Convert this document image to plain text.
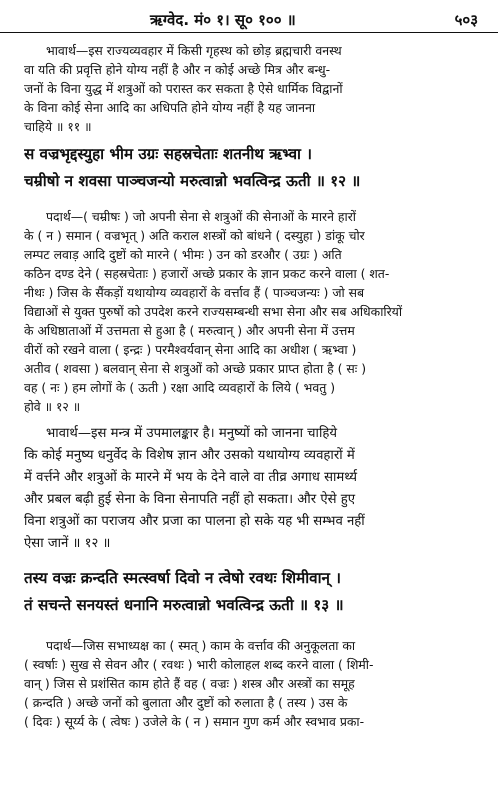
ऋग्वेद. मं० १। सू० १०० ॥	५०३
भावार्थ—इस राज्यव्यवहार में किसी गृहस्थ को छोड़ ब्रह्मचारी वनस्थ
वा यति की प्रवृत्ति होने योग्य नहीं है और न कोई अच्छे मित्र और बन्धु-
जनों के विना युद्ध में शत्रुओं को परास्त कर सकता है ऐसे धार्मिक विद्वानों
के विना कोई सेना आदि का अधिपति होने योग्य नहीं है यह जानना
चाहिये ॥ ११ ॥
स वज्रभृद्दस्युहा भीम उग्रः सहस्रचेताः शतनीथ ऋभ्वा ।
चम्रीषो न शवसा पाञ्चजन्यो मरुत्वान्नो भवत्विन्द्र ऊती ॥ १२ ॥
पदार्थ—( चम्रीषः ) जो अपनी सेना से शत्रुओं की सेनाओं के मारने हारों
के ( न ) समान ( वज्रभृत् ) अति कराल शस्त्रों को बांधने ( दस्युहा ) डांकू चोर
लम्पट लवाड़ आदि दुष्टों को मारने ( भीमः ) उन को डरऔर ( उग्रः ) अति
कठिन दण्ड देने ( सहस्रचेताः ) हजारों अच्छे प्रकार के ज्ञान प्रकट करने वाला ( शत-
नीथः ) जिस के सैंकड़ों यथायोग्य व्यवहारों के वर्त्ताव हैं ( पाञ्चजन्यः ) जो सब
विद्याओं से युक्त पुरुषों को उपदेश करने राज्यसम्बन्धी सभा सेना और सब अधिकारियों
के अधिष्ठाताओं में उत्तमता से हुआ है ( मरुत्वान् ) और अपनी सेना में उत्तम
वीरों को रखने वाला ( इन्द्रः ) परमैश्वर्यवान् सेना आदि का अधीश ( ऋभ्वा )
अतीव ( शवसा ) बलवान् सेना से शत्रुओं को अच्छे प्रकार प्राप्त होता है ( सः )
वह ( नः ) हम लोगों के ( ऊती ) रक्षा आदि व्यवहारों के लिये ( भवतु )
होवे ॥ १२ ॥
भावार्थ—इस मन्त्र में उपमालङ्कार है। मनुष्यों को जानना चाहिये
कि कोई मनुष्य धनुर्वेद के विशेष ज्ञान और उसको यथायोग्य व्यवहारों में
में वर्त्तने और शत्रुओं के मारने में भय के देने वाले वा तीव्र अगाध सामर्थ्य
और प्रबल बढ़ी हुई सेना के विना सेनापति नहीं हो सकता। और ऐसे हुए
विना शत्रुओं का पराजय और प्रजा का पालना हो सके यह भी सम्भव नहीं
ऐसा जानें ॥ १२ ॥
तस्य वज्रः क्रन्दति स्मत्स्वर्षा दिवो न त्वेषो रवथः शिमीवान् ।
तं सचन्ते सनयस्तं धनानि मरुत्वान्नो भवत्विन्द्र ऊती ॥ १३ ॥
पदार्थ—जिस सभाध्यक्ष का ( स्मत् ) काम के वर्त्ताव की अनुकूलता का
( स्वर्षाः ) सुख से सेवन और ( रवथः ) भारी कोलाहल शब्द करने वाला ( शिमी-
वान् ) जिस से प्रशंसित काम होते हैं वह ( वज्रः ) शस्त्र और अस्त्रों का समूह
( क्रन्दति ) अच्छे जनों को बुलाता और दुष्टों को रुलाता है ( तस्य ) उस के
( दिवः ) सूर्य्य के ( त्वेषः ) उजेले के ( न ) समान गुण कर्म और स्वभाव प्रका-
